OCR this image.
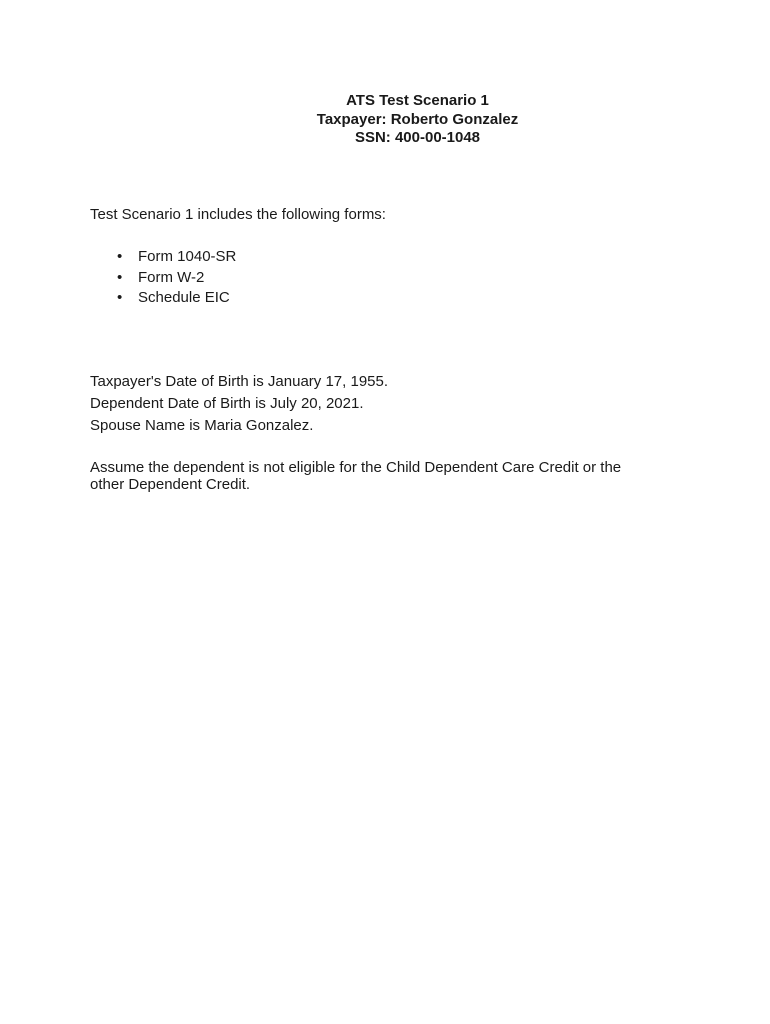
ATS Test Scenario 1
Taxpayer: Roberto Gonzalez
SSN: 400-00-1048
Test Scenario 1 includes the following forms:
• Form 1040-SR
• Form W-2
• Schedule EIC
Taxpayer's Date of Birth is January 17, 1955.
Dependent Date of Birth is July 20, 2021.
Spouse Name is Maria Gonzalez.
Assume the dependent is not eligible for the Child Dependent Care Credit or the other Dependent Credit.
